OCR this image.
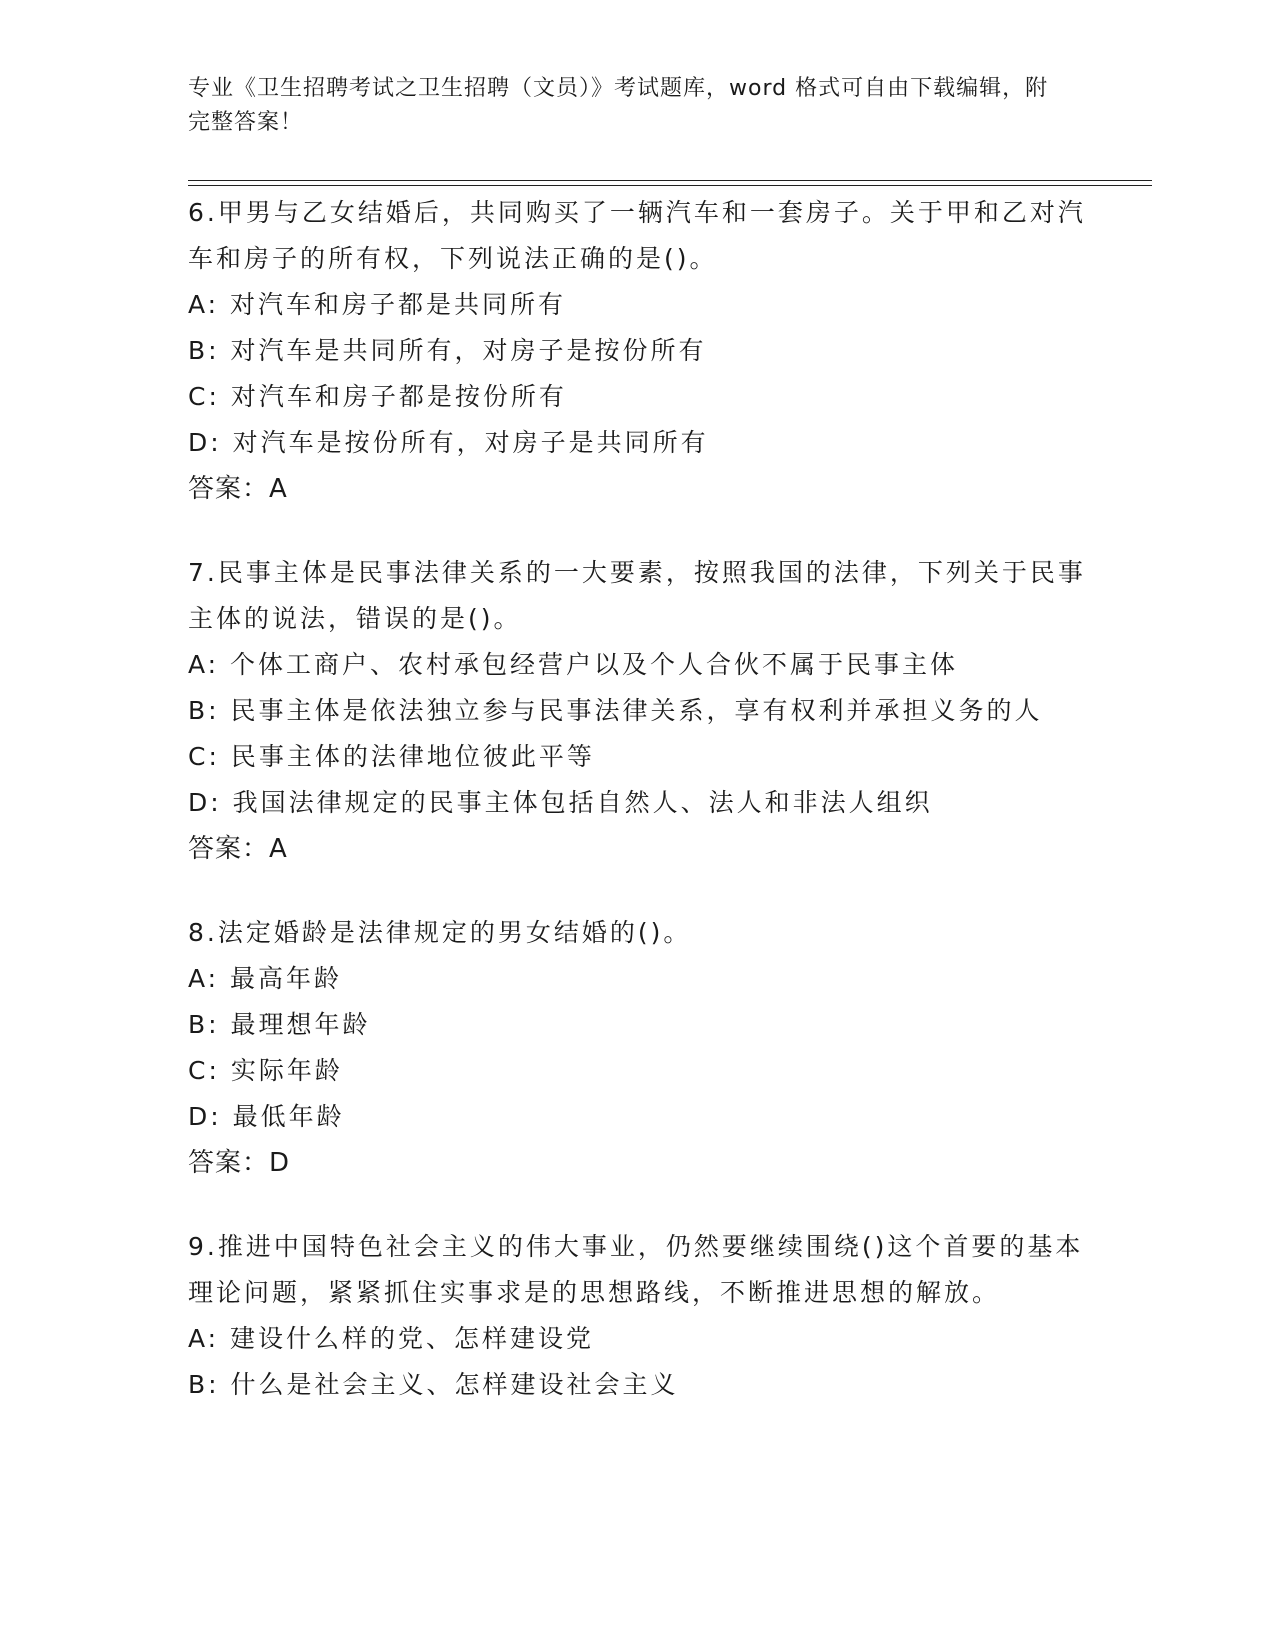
专业《卫生招聘考试之卫生招聘（文员）》考试题库，word 格式可自由下载编辑，附完整答案！
6.甲男与乙女结婚后，共同购买了一辆汽车和一套房子。关于甲和乙对汽车和房子的所有权，下列说法正确的是()。
A: 对汽车和房子都是共同所有
B: 对汽车是共同所有，对房子是按份所有
C: 对汽车和房子都是按份所有
D: 对汽车是按份所有，对房子是共同所有
答案：A
7.民事主体是民事法律关系的一大要素，按照我国的法律，下列关于民事主体的说法，错误的是()。
A: 个体工商户、农村承包经营户以及个人合伙不属于民事主体
B: 民事主体是依法独立参与民事法律关系，享有权利并承担义务的人
C: 民事主体的法律地位彼此平等
D: 我国法律规定的民事主体包括自然人、法人和非法人组织
答案：A
8.法定婚龄是法律规定的男女结婚的()。
A: 最高年龄
B: 最理想年龄
C: 实际年龄
D: 最低年龄
答案：D
9.推进中国特色社会主义的伟大事业，仍然要继续围绕()这个首要的基本理论问题，紧紧抓住实事求是的思想路线，不断推进思想的解放。
A: 建设什么样的党、怎样建设党
B: 什么是社会主义、怎样建设社会主义
